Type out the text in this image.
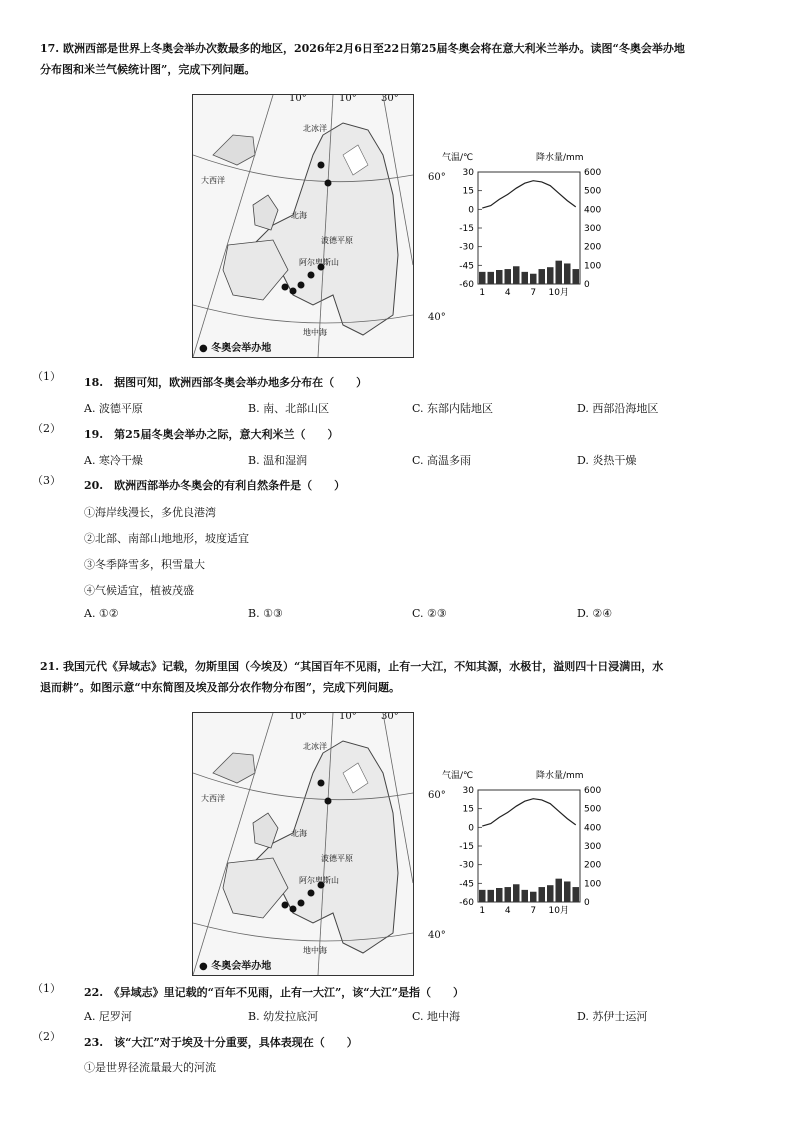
17. 欧洲西部是世界上冬奥会举办次数最多的地区，2026年2月6日至22日第25届冬奥会将在意大利米兰举办。读图“冬奥会举办地
分布图和米兰气候统计图”，完成下列问题。
10°	10° 30°
北冰洋
大西洋
北海
波德平原
阿尔卑斯山
地中海
● 冬奥会举办地
60°
40°
气温/℃	降水量/mm
30
15
0
-15
-30
-45
-60
600
500
400
300
200
100
0
1 4 7 10月
（1） 18.　据图可知，欧洲西部冬奥会举办地多分布在（　　）
A. 波德平原	B. 南、北部山区	C. 东部内陆地区	D. 西部沿海地区
（2） 19.　第25届冬奥会举办之际，意大利米兰（　　）
A. 寒冷干燥	B. 温和湿润	C. 高温多雨	D. 炎热干燥
（3） 20.　欧洲西部举办冬奥会的有利自然条件是（　　）
①海岸线漫长，多优良港湾
②北部、南部山地地形，坡度适宜
③冬季降雪多，积雪量大
④气候适宜，植被茂盛
A. ①②	B. ①③	C. ②③	D. ②④
21. 我国元代《异域志》记载，勿斯里国（今埃及）“其国百年不见雨，止有一大江，不知其源，水极甘，溢则四十日浸满田，水
退而耕”。如图示意“中东简图及埃及部分农作物分布图”，完成下列问题。
10°	10° 30°
北冰洋
大西洋
北海
波德平原
阿尔卑斯山
地中海
● 冬奥会举办地
60°
40°
气温/℃	降水量/mm
30
15
0
-15
-30
-45
-60
600
500
400
300
200
100
0
1 4 7 10月
（1） 22.　《异域志》里记载的“百年不见雨，止有一大江”，该“大江”是指（　　）
A. 尼罗河	B. 幼发拉底河	C. 地中海	D. 苏伊士运河
（2） 23.　该“大江”对于埃及十分重要，具体表现在（　　）
①是世界径流量最大的河流
